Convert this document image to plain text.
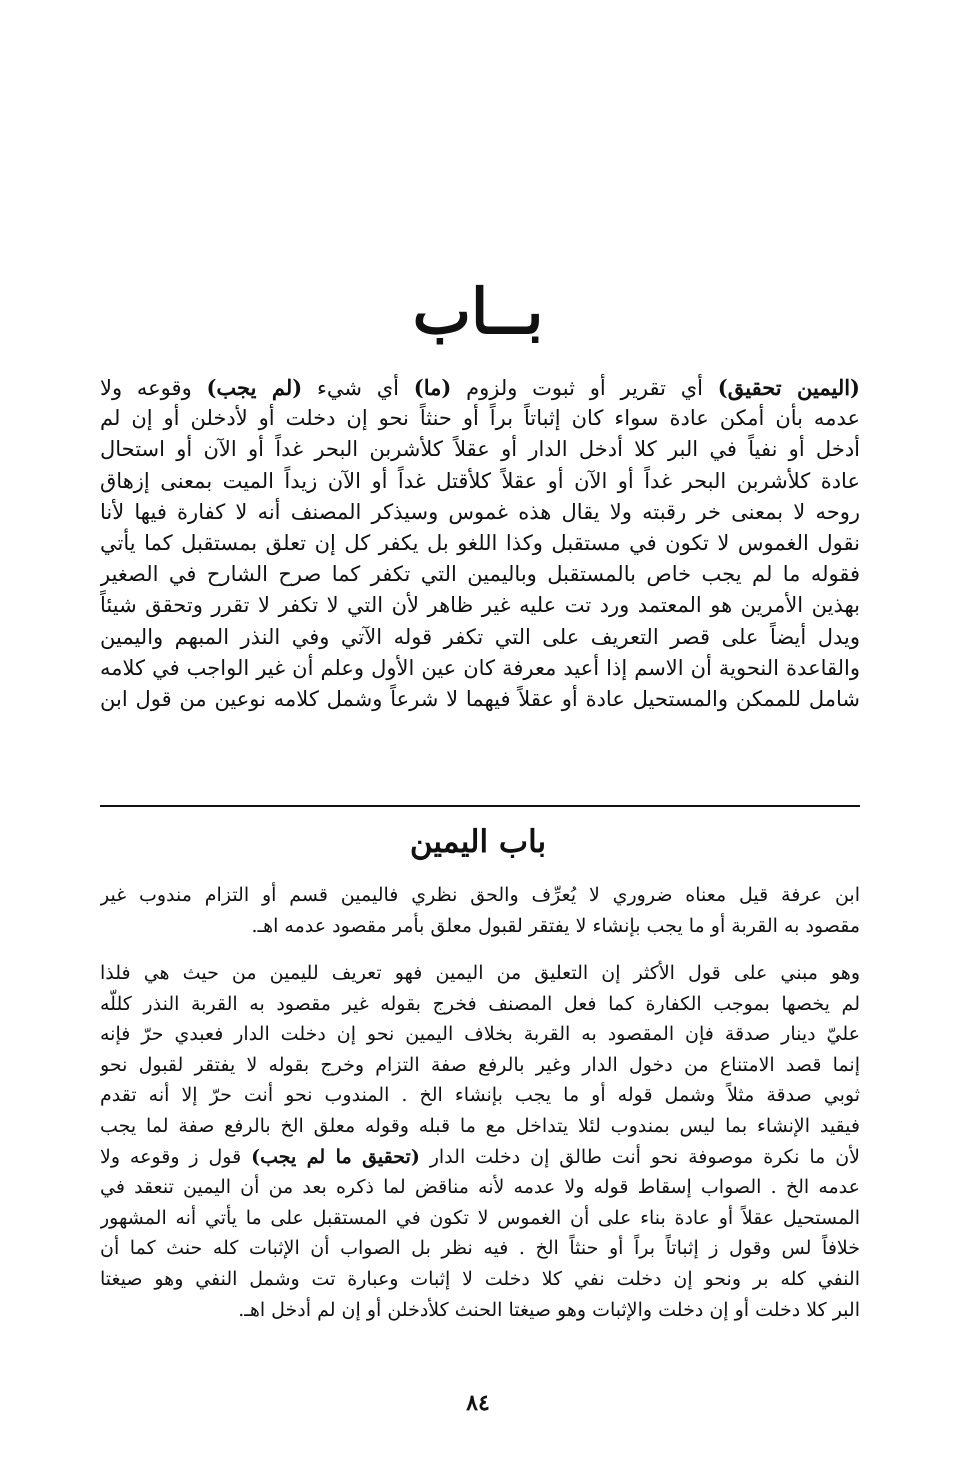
بــاب
(اليمين تحقيق) أي تقرير أو ثبوت ولزوم (ما) أي شيء (لم يجب) وقوعه ولا
عدمه بأن أمكن عادة سواء كان إثباتاً براً أو حنثاً نحو إن دخلت أو لأدخلن أو إن لم
أدخل أو نفياً في البر كلا أدخل الدار أو عقلاً كلأشربن البحر غداً أو الآن أو استحال
عادة كلأشربن البحر غداً أو الآن أو عقلاً كلأقتل غداً أو الآن زيداً الميت بمعنى إزهاق
روحه لا بمعنى خر رقبته ولا يقال هذه غموس وسيذكر المصنف أنه لا كفارة فيها لأنا
نقول الغموس لا تكون في مستقبل وكذا اللغو بل يكفر كل إن تعلق بمستقبل كما يأتي
فقوله ما لم يجب خاص بالمستقبل وباليمين التي تكفر كما صرح الشارح في الصغير
بهذين الأمرين هو المعتمد ورد تت عليه غير ظاهر لأن التي لا تكفر لا تقرر وتحقق شيئاً
ويدل أيضاً على قصر التعريف على التي تكفر قوله الآتي وفي النذر المبهم واليمين
والقاعدة النحوية أن الاسم إذا أعيد معرفة كان عين الأول وعلم أن غير الواجب في كلامه
شامل للممكن والمستحيل عادة أو عقلاً فيهما لا شرعاً وشمل كلامه نوعين من قول ابن
باب اليمين
ابن عرفة قيل معناه ضروري لا يُعرِّف والحق نظري فاليمين قسم أو التزام مندوب غير
مقصود به القربة أو ما يجب بإنشاء لا يفتقر لقبول معلق بأمر مقصود عدمه اهـ.
وهو مبني على قول الأكثر إن التعليق من اليمين فهو تعريف لليمين من حيث هي فلذا
لم يخصها بموجب الكفارة كما فعل المصنف فخرج بقوله غير مقصود به القربة النذر كللّه
عليّ دينار صدقة فإن المقصود به القربة بخلاف اليمين نحو إن دخلت الدار فعبدي حرّ فإنه
إنما قصد الامتناع من دخول الدار وغير بالرفع صفة التزام وخرج بقوله لا يفتقر لقبول نحو
ثوبي صدقة مثلاً وشمل قوله أو ما يجب بإنشاء الخ . المندوب نحو أنت حرّ إلا أنه تقدم
فيقيد الإنشاء بما ليس بمندوب لئلا يتداخل مع ما قبله وقوله معلق الخ بالرفع صفة لما يجب
لأن ما نكرة موصوفة نحو أنت طالق إن دخلت الدار (تحقيق ما لم يجب) قول ز وقوعه ولا
عدمه الخ . الصواب إسقاط قوله ولا عدمه لأنه مناقض لما ذكره بعد من أن اليمين تنعقد في
المستحيل عقلاً أو عادة بناء على أن الغموس لا تكون في المستقبل على ما يأتي أنه المشهور
خلافاً لس وقول ز إثباتاً براً أو حنثاً الخ . فيه نظر بل الصواب أن الإثبات كله حنث كما أن
النفي كله بر ونحو إن دخلت نفي كلا دخلت لا إثبات وعبارة تت وشمل النفي وهو صيغتا
البر كلا دخلت أو إن دخلت والإثبات وهو صيغتا الحنث كلأدخلن أو إن لم أدخل اهـ.
٨٤
